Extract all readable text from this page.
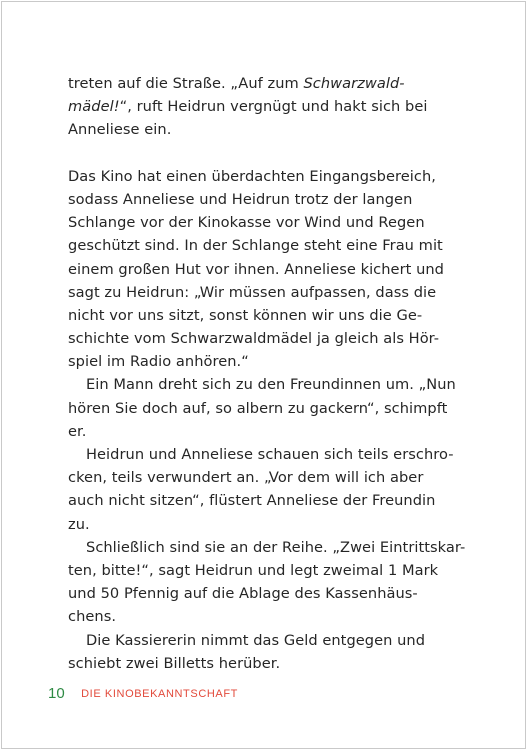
treten auf die Straße. „Auf zum Schwarzwald-
mädel!“, ruft Heidrun vergnügt und hakt sich bei
Anneliese ein.
Das Kino hat einen überdachten Eingangsbereich,
sodass Anneliese und Heidrun trotz der langen
Schlange vor der Kinokasse vor Wind und Regen
geschützt sind. In der Schlange steht eine Frau mit
einem großen Hut vor ihnen. Anneliese kichert und
sagt zu Heidrun: „Wir müssen aufpassen, dass die
nicht vor uns sitzt, sonst können wir uns die Ge-
schichte vom Schwarzwaldmädel ja gleich als Hör-
spiel im Radio anhören.“
Ein Mann dreht sich zu den Freundinnen um. „Nun
hören Sie doch auf, so albern zu gackern“, schimpft
er.
Heidrun und Anneliese schauen sich teils erschro-
cken, teils verwundert an. „Vor dem will ich aber
auch nicht sitzen“, flüstert Anneliese der Freundin
zu.
Schließlich sind sie an der Reihe. „Zwei Eintrittskar-
ten, bitte!“, sagt Heidrun und legt zweimal 1 Mark
und 50 Pfennig auf die Ablage des Kassenhäus-
chens.
Die Kassiererin nimmt das Geld entgegen und
schiebt zwei Billetts herüber.
10 DIE KINOBEKANNTSCHAFT
